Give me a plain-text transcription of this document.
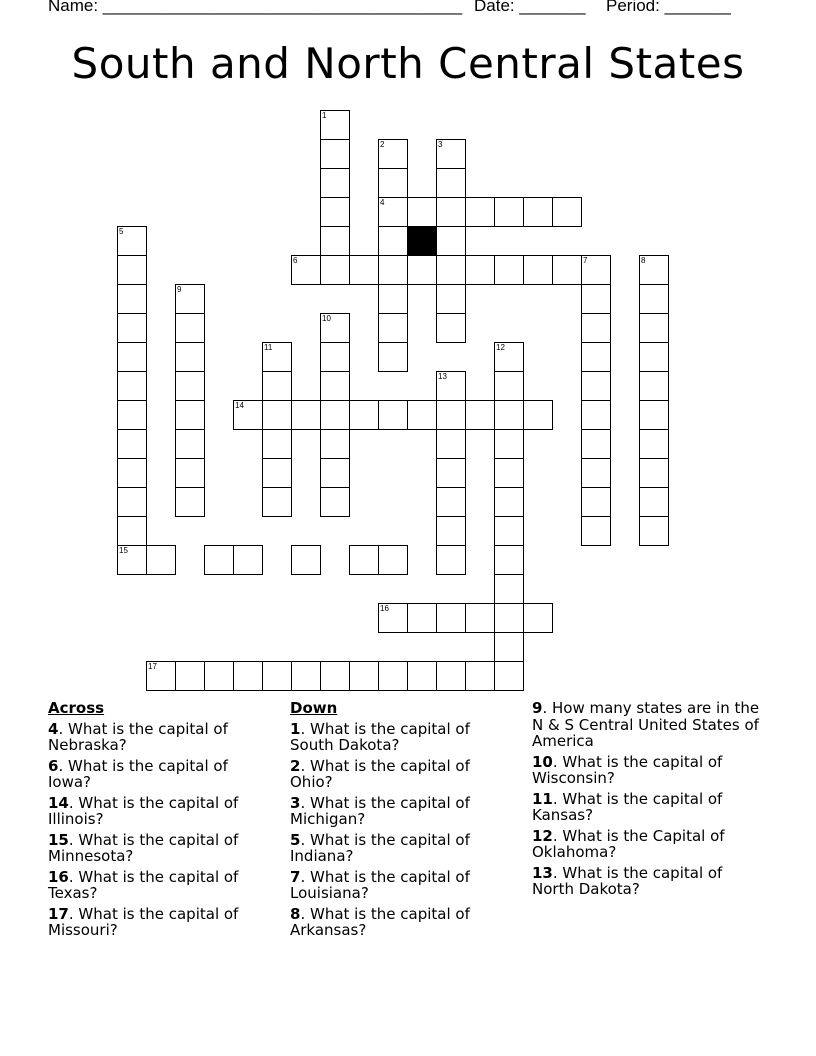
Name: ______________________________________ Date: _______ Period: _______
South and North Central States
1
2
4
3
6
5
9
10
11
13
12
7	8
14
15
16
17
Across
4. What is the capital of Nebraska?
6. What is the capital of Iowa?
14. What is the capital of Illinois?
15. What is the capital of Minnesota?
16. What is the capital of Texas?
17. What is the capital of Missouri?
Down
1. What is the capital of South Dakota?
2. What is the capital of Ohio?
3. What is the capital of Michigan?
5. What is the capital of Indiana?
7. What is the capital of Louisiana?
8. What is the capital of Arkansas?
9. How many states are in the N & S Central United States of America
10. What is the capital of Wisconsin?
11. What is the capital of Kansas?
12. What is the Capital of Oklahoma?
13. What is the capital of North Dakota?
